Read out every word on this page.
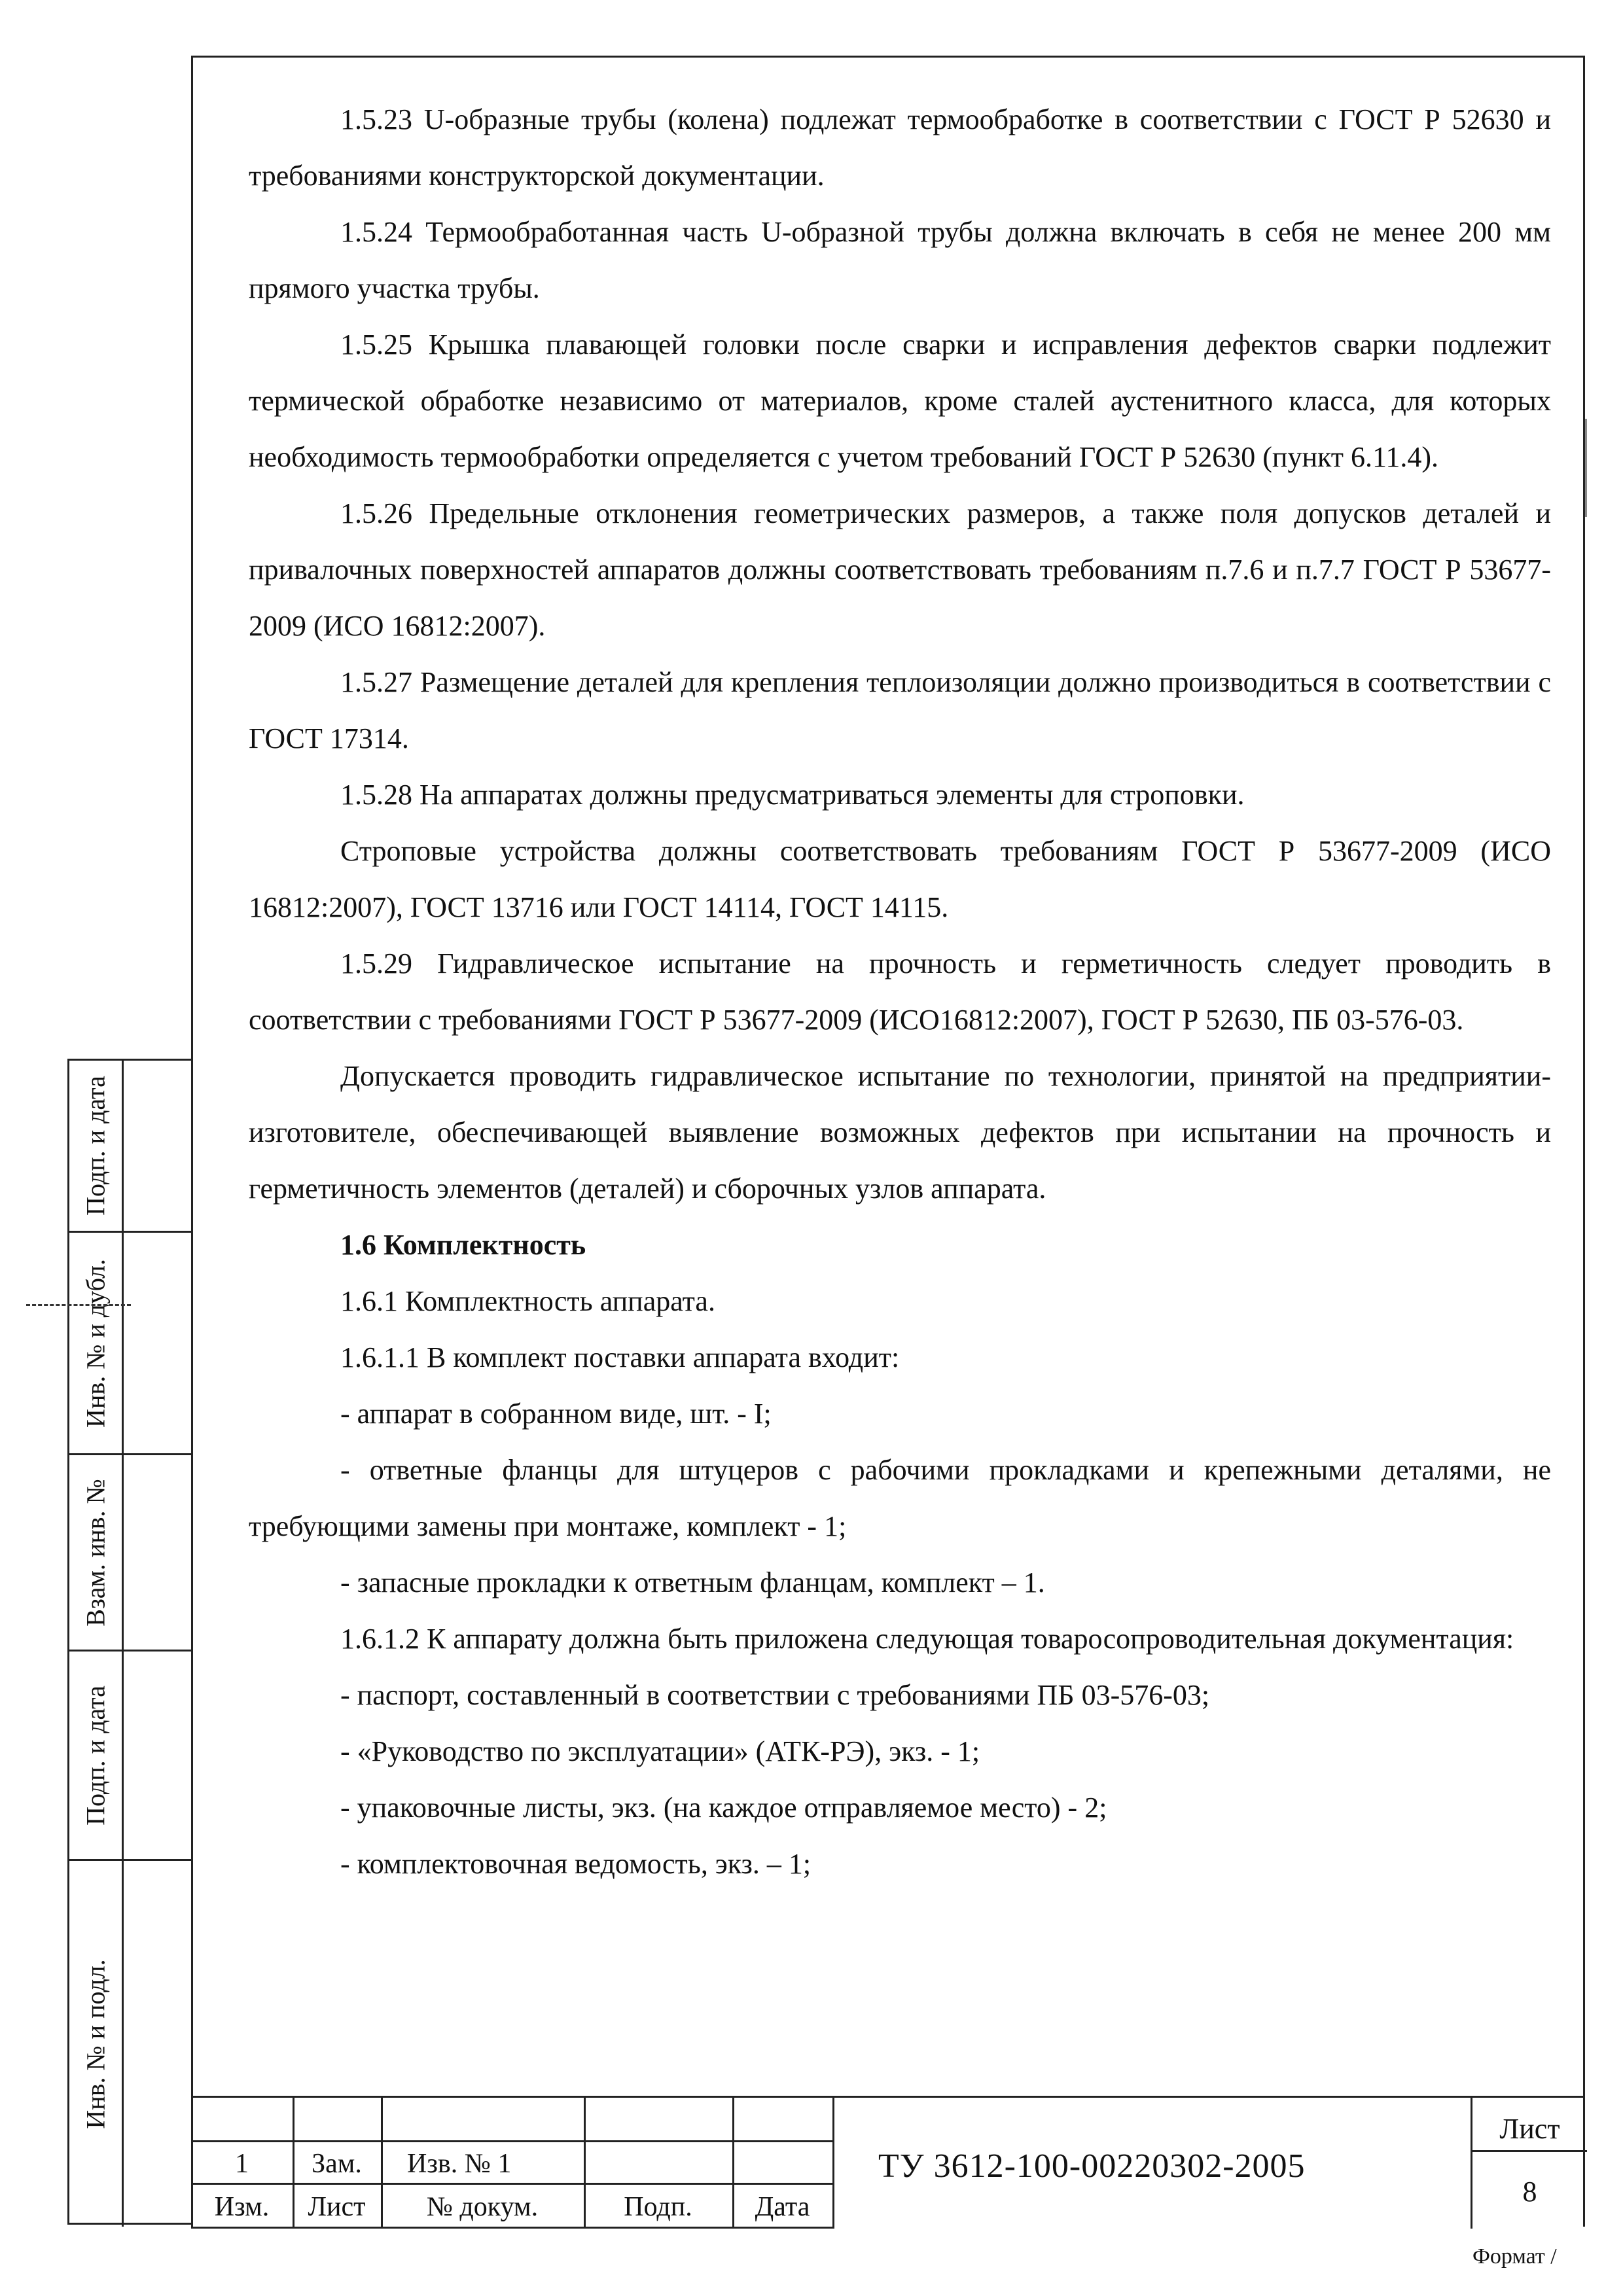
1.5.23 U-образные трубы (колена) подлежат термообработке в соответствии с ГОСТ Р 52630 и требованиями конструкторской документации.

1.5.24 Термообработанная часть U-образной трубы должна включать в себя не менее 200 мм прямого участка трубы.

1.5.25 Крышка плавающей головки после сварки и исправления дефектов сварки подлежит термической обработке независимо от материалов, кроме сталей аустенитного класса, для которых необходимость термообработки определяется с учетом требований ГОСТ Р 52630 (пункт 6.11.4).

1.5.26 Предельные отклонения геометрических размеров, а также поля допусков деталей и привалочных поверхностей аппаратов должны соответствовать требованиям п.7.6 и п.7.7 ГОСТ Р 53677-2009 (ИСО 16812:2007).

1.5.27 Размещение деталей для крепления теплоизоляции должно производиться в соответствии с ГОСТ 17314.

1.5.28 На аппаратах должны предусматриваться элементы для строповки.

Строповые устройства должны соответствовать требованиям ГОСТ Р 53677-2009 (ИСО 16812:2007), ГОСТ 13716 или ГОСТ 14114, ГОСТ 14115.

1.5.29 Гидравлическое испытание на прочность и герметичность следует проводить в соответствии с требованиями ГОСТ Р 53677-2009 (ИСО16812:2007), ГОСТ Р 52630, ПБ 03-576-03.

Допускается проводить гидравлическое испытание по технологии, принятой на предприятии-изготовителе, обеспечивающей выявление возможных дефектов при испытании на прочность и герметичность элементов (деталей) и сборочных узлов аппарата.

1.6 Комплектность

1.6.1 Комплектность аппарата.

1.6.1.1 В комплект поставки аппарата входит:

- аппарат в собранном виде, шт. - I;

- ответные фланцы для штуцеров с рабочими прокладками и крепежными деталями, не требующими замены при монтаже, комплект - 1;

- запасные прокладки к ответным фланцам, комплект – 1.

1.6.1.2 К аппарату должна быть приложена следующая товаросопроводительная документация:

- паспорт, составленный в соответствии с требованиями ПБ 03-576-03;

- «Руководство по эксплуатации» (АТК-РЭ), экз. - 1;

- упаковочные листы, экз. (на каждое отправляемое место) - 2;

- комплектовочная ведомость, экз. – 1;

Подп. и дата
Инв. № и дубл.
Взам. инв. №
Подп. и дата
Инв. № и подл.
1	Зам.	Изв. № 1
Изм.	Лист	№ докум.	Подп.	Дата
ТУ 3612-100-00220302-2005
Лист
8
Формат /
